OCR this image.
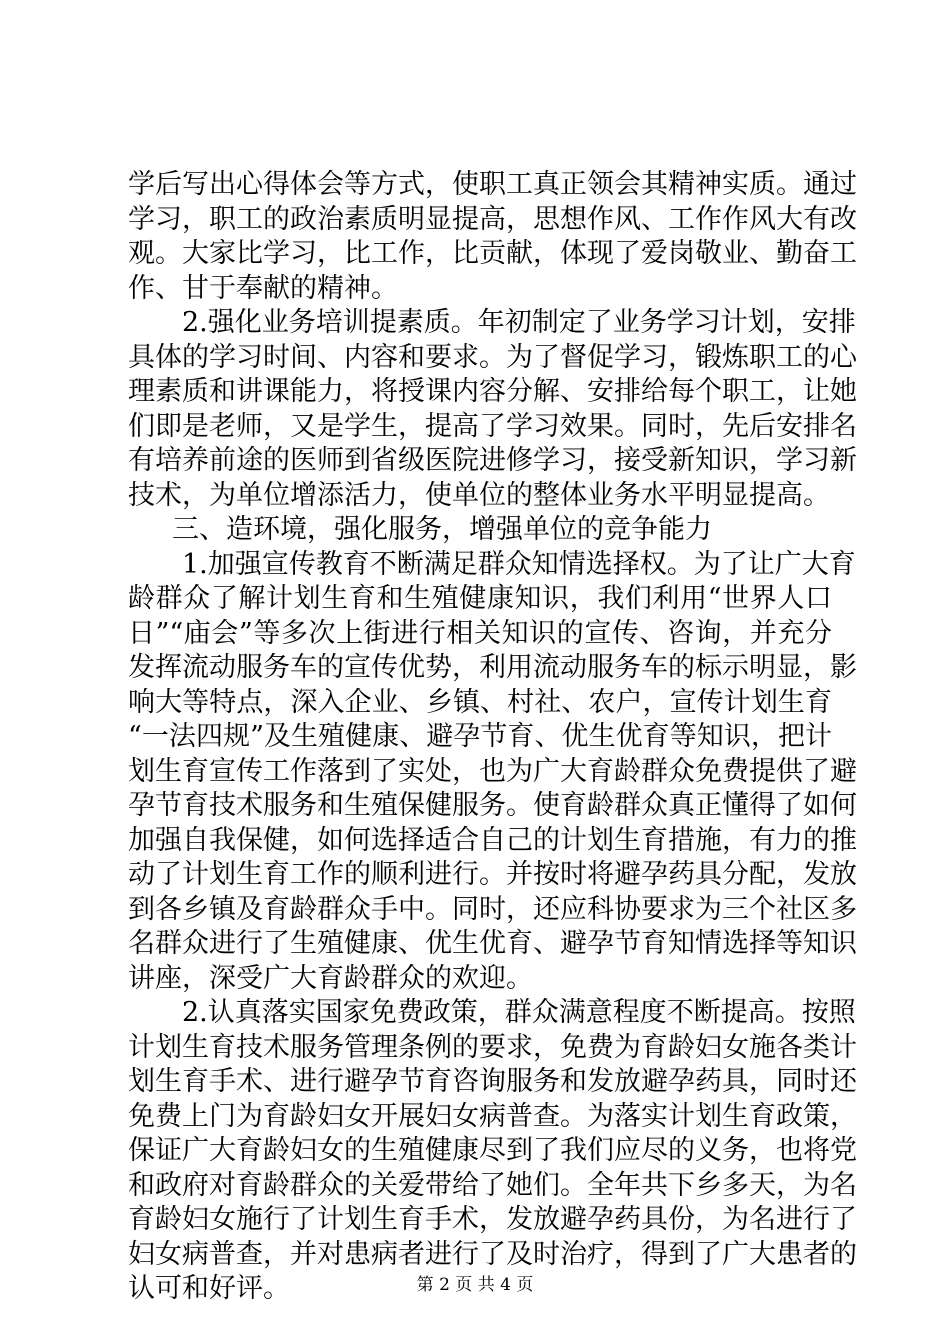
学后写出心得体会等方式，使职工真正领会其精神实质。通过
学习，职工的政治素质明显提高，思想作风、工作作风大有改
观。大家比学习，比工作，比贡献，体现了爱岗敬业、勤奋工
作、甘于奉献的精神。
2.强化业务培训提素质。年初制定了业务学习计划，安排
具体的学习时间、内容和要求。为了督促学习，锻炼职工的心
理素质和讲课能力，将授课内容分解、安排给每个职工，让她
们即是老师，又是学生，提高了学习效果。同时，先后安排名
有培养前途的医师到省级医院进修学习，接受新知识，学习新
技术，为单位增添活力，使单位的整体业务水平明显提高。
三、造环境，强化服务，增强单位的竞争能力
1.加强宣传教育不断满足群众知情选择权。为了让广大育
龄群众了解计划生育和生殖健康知识，我们利用“世界人口
日”“庙会”等多次上街进行相关知识的宣传、咨询，并充分
发挥流动服务车的宣传优势，利用流动服务车的标示明显，影
响大等特点，深入企业、乡镇、村社、农户，宣传计划生育
“一法四规”及生殖健康、避孕节育、优生优育等知识，把计
划生育宣传工作落到了实处，也为广大育龄群众免费提供了避
孕节育技术服务和生殖保健服务。使育龄群众真正懂得了如何
加强自我保健，如何选择适合自己的计划生育措施，有力的推
动了计划生育工作的顺利进行。并按时将避孕药具分配，发放
到各乡镇及育龄群众手中。同时，还应科协要求为三个社区多
名群众进行了生殖健康、优生优育、避孕节育知情选择等知识
讲座，深受广大育龄群众的欢迎。
2.认真落实国家免费政策，群众满意程度不断提高。按照
计划生育技术服务管理条例的要求，免费为育龄妇女施各类计
划生育手术、进行避孕节育咨询服务和发放避孕药具，同时还
免费上门为育龄妇女开展妇女病普查。为落实计划生育政策，
保证广大育龄妇女的生殖健康尽到了我们应尽的义务，也将党
和政府对育龄群众的关爱带给了她们。全年共下乡多天，为名
育龄妇女施行了计划生育手术，发放避孕药具份，为名进行了
妇女病普查，并对患病者进行了及时治疗，得到了广大患者的
认可和好评。	第 2 页 共 4 页
